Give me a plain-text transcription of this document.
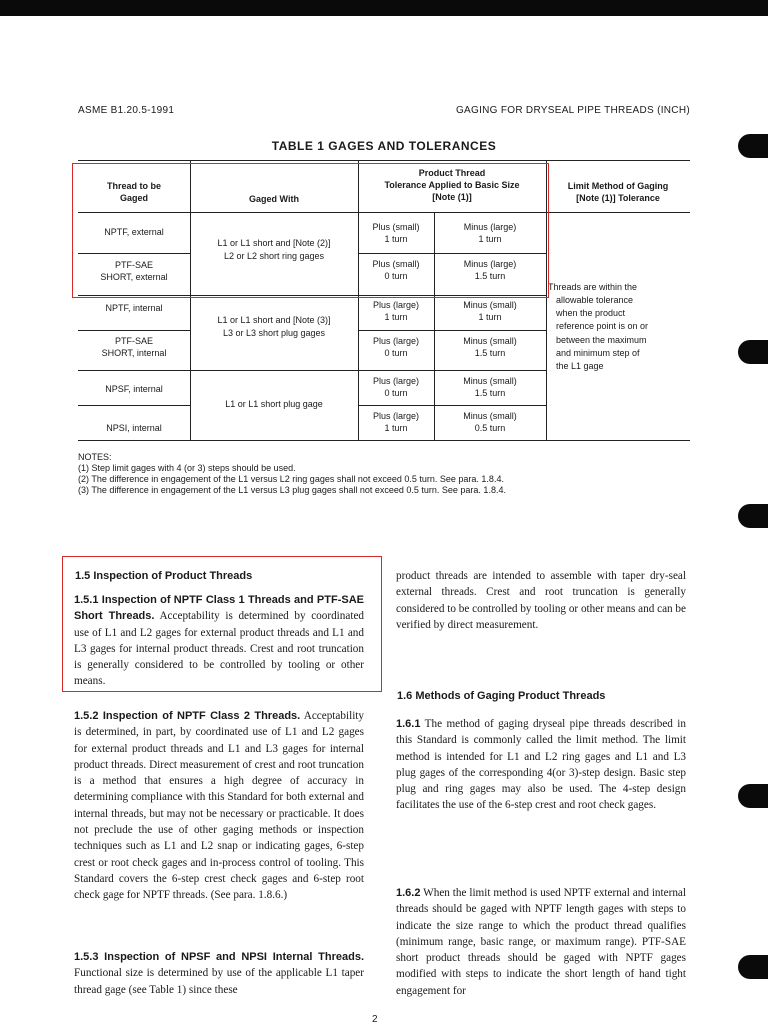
ASME B1.20.5-1991	GAGING FOR DRYSEAL PIPE THREADS (INCH)
TABLE 1 GAGES AND TOLERANCES
Thread to be
Gaged	Gaged With
Product Thread
Tolerance Applied to Basic Size
[Note (1)]
Limit Method of Gaging
[Note (1)] Tolerance
NPTF, external
PTF-SAE SHORT, external
NPTF, internal
PTF-SAE SHORT, internal
NPSF, internal
NPSI, internal
L1 or L1 short and [Note (2)]
L2 or L2 short ring gages
L1 or L1 short and [Note (3)]
L3 or L3 short plug gages
L1 or L1 short plug gage
Plus (small)
1 turn
Minus (large)
1 turn
Plus (small)
0 turn
Minus (large)
1.5 turn
Plus (large)
1 turn
Minus (small)
1 turn
Plus (large)
0 turn
Minus (small)
1.5 turn
Plus (large)
0 turn
Minus (small)
1.5 turn
Plus (large)
1 turn
Minus (small)
0.5 turn
Threads are within the
allowable tolerance
when the product
reference point is on or
between the maximum
and minimum step of
the L1 gage
NOTES:
(1) Step limit gages with 4 (or 3) steps should be used.
(2) The difference in engagement of the L1 versus L2 ring gages shall not exceed 0.5 turn. See para. 1.8.4.
(3) The difference in engagement of the L1 versus L3 plug gages shall not exceed 0.5 turn. See para. 1.8.4.
1.5 Inspection of Product Threads

1.5.1 Inspection of NPTF Class 1 Threads and PTF-SAE Short Threads. Acceptability is determined by coordinated use of L1 and L2 gages for external product threads and L1 and L3 gages for internal product threads. Crest and root truncation is generally considered to be controlled by tooling or other means.

1.5.2 Inspection of NPTF Class 2 Threads. Acceptability is determined, in part, by coordinated use of L1 and L2 gages for external product threads and L1 and L3 gages for internal product threads. Direct measurement of crest and root truncation is a method that ensures a high degree of accuracy in determining compliance with this Standard for both external and internal threads, but may not be necessary or practicable. It does not preclude the use of other gaging methods or inspection techniques such as L1 and L2 snap or indicating gages, 6-step crest or root check gages and in-process control of tooling. This Standard covers the 6-step crest check gages and 6-step root check gage for NPTF threads. (See para. 1.8.6.)

1.5.3 Inspection of NPSF and NPSI Internal Threads. Functional size is determined by use of the applicable L1 taper thread gage (see Table 1) since these

product threads are intended to assemble with taper dry-seal external threads. Crest and root truncation is generally considered to be controlled by tooling or other means and can be verified by direct measurement.

1.6 Methods of Gaging Product Threads

1.6.1 The method of gaging dryseal pipe threads described in this Standard is commonly called the limit method. The limit method is intended for L1 and L2 ring gages and L1 and L3 plug gages of the corresponding 4(or 3)-step design. Basic step plug and ring gages may also be used. The 4-step design facilitates the use of the 6-step crest and root check gages.

1.6.2 When the limit method is used NPTF external and internal threads should be gaged with NPTF length gages with steps to indicate the size range to which the product thread qualifies (minimum range, basic range, or maximum range). PTF-SAE short product threads should be gaged with NPTF gages modified with steps to indicate the short length of hand tight engagement for

2
